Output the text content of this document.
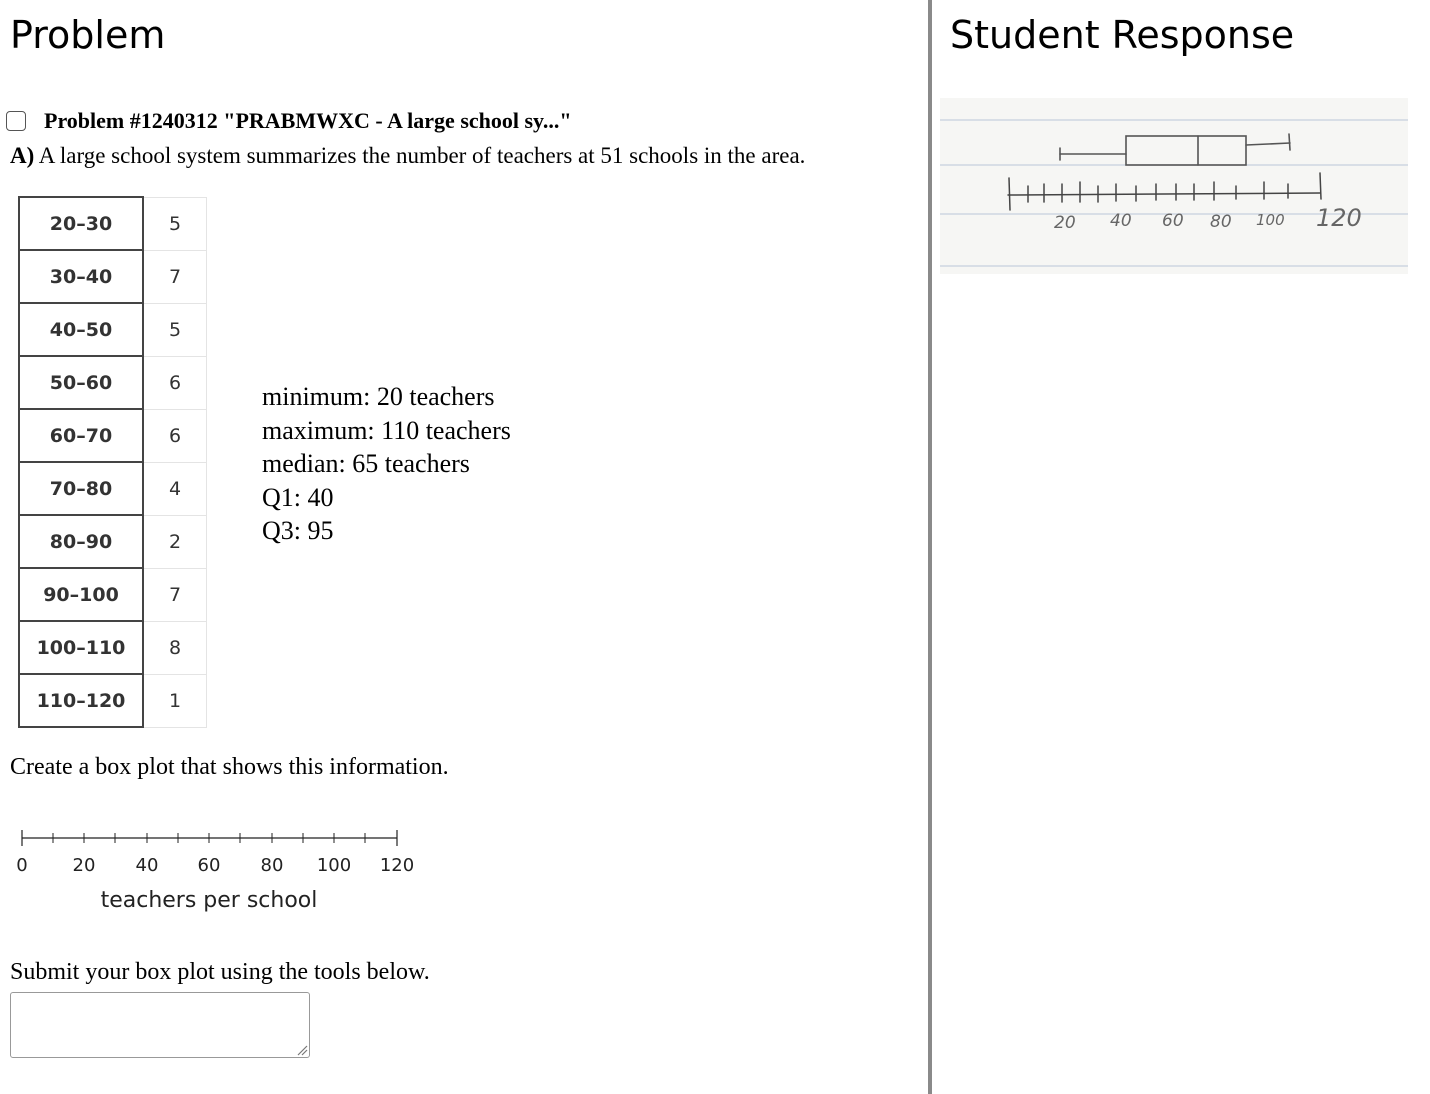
Problem
Problem #1240312 "PRABMWXC - A large school sy..."
A) A large school system summarizes the number of teachers at 51 schools in the area.
20–30	5
30–40	7
40–50	5
50–60	6
60–70	6
70–80	4
80–90	2
90–100	7
100–110	8
110–120	1
minimum: 20 teachers
maximum: 110 teachers
median: 65 teachers
Q1: 40
Q3: 95
Create a box plot that shows this information.
0 20 40 60 80 100 120
teachers per school
Submit your box plot using the tools below.
Student Response
20 40 60 80 100 120
